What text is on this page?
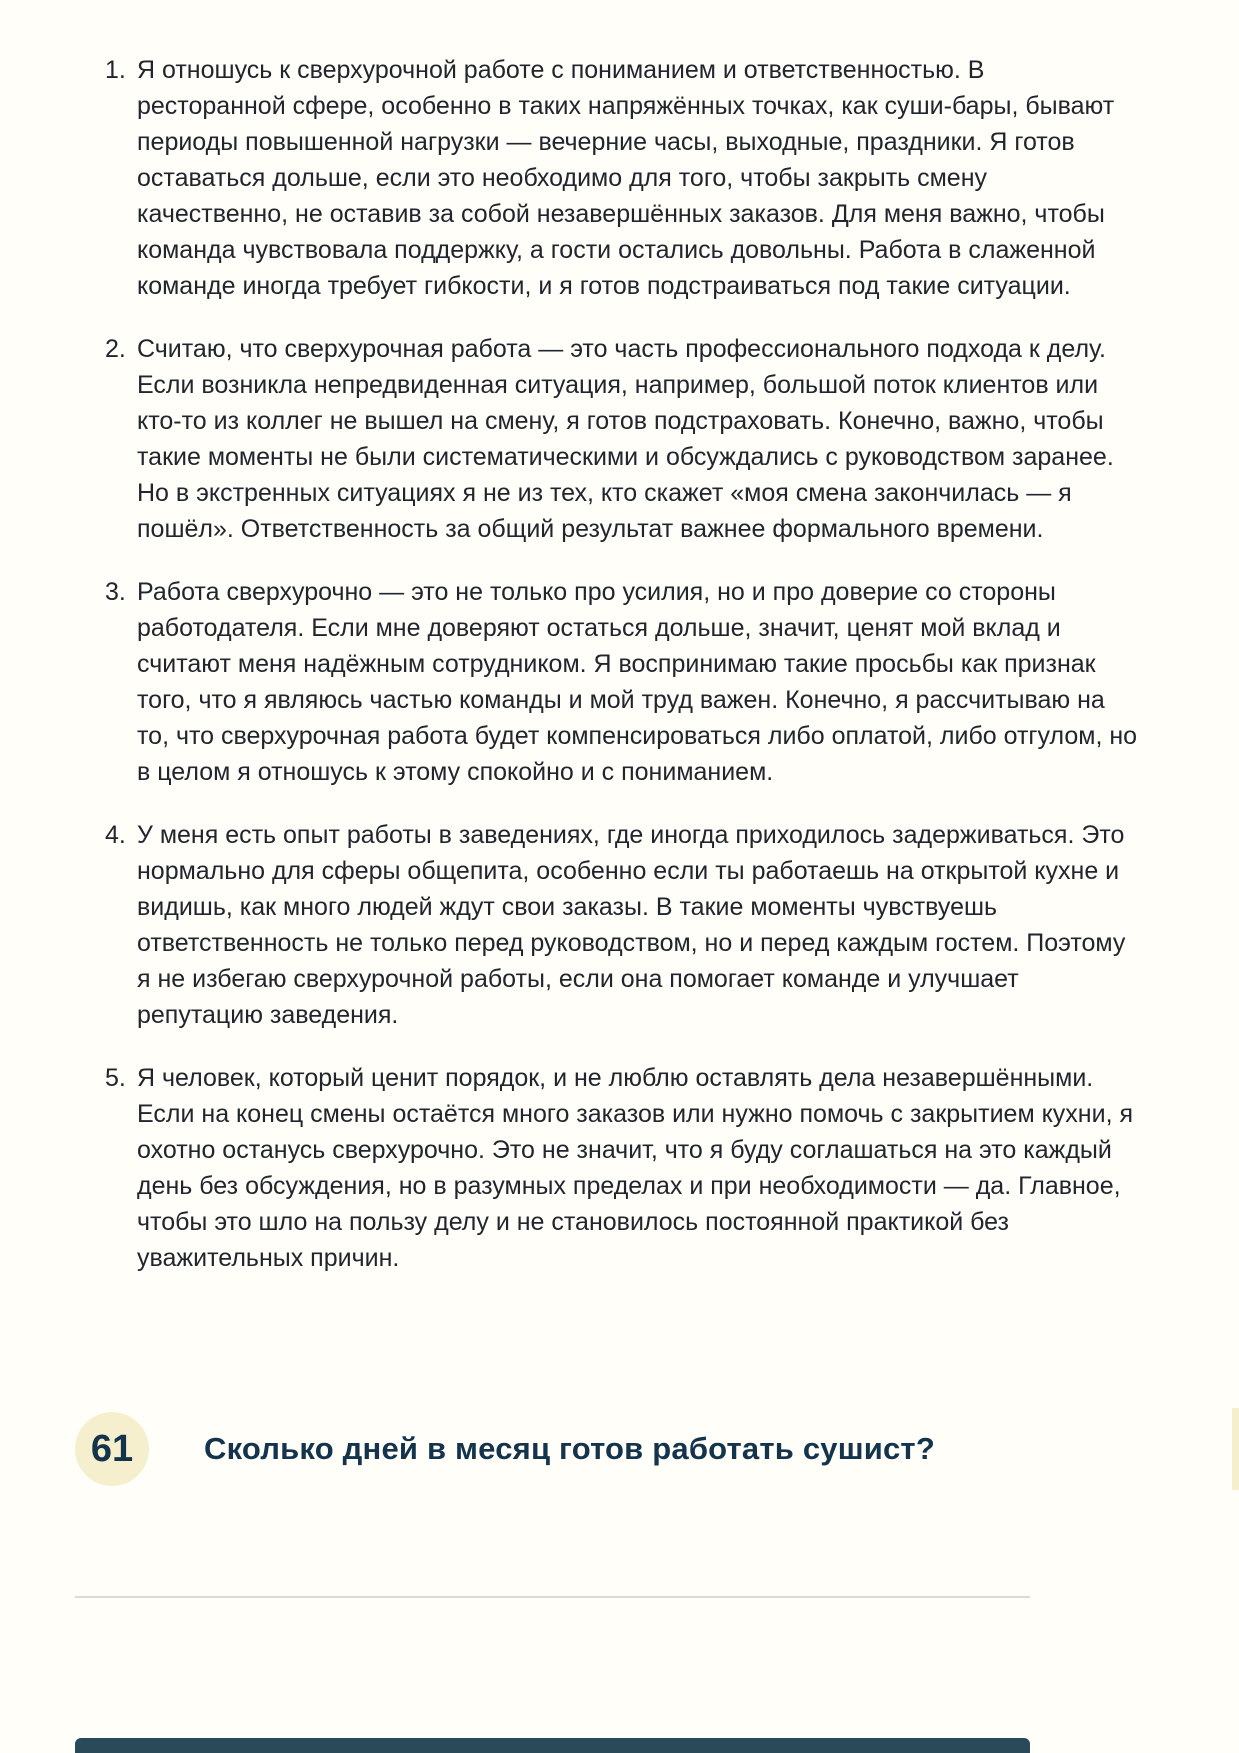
1. Я отношусь к сверхурочной работе с пониманием и ответственностью. В ресторанной сфере, особенно в таких напряжённых точках, как суши-бары, бывают периоды повышенной нагрузки — вечерние часы, выходные, праздники. Я готов оставаться дольше, если это необходимо для того, чтобы закрыть смену качественно, не оставив за собой незавершённых заказов. Для меня важно, чтобы команда чувствовала поддержку, а гости остались довольны. Работа в слаженной команде иногда требует гибкости, и я готов подстраиваться под такие ситуации.
2. Считаю, что сверхурочная работа — это часть профессионального подхода к делу. Если возникла непредвиденная ситуация, например, большой поток клиентов или кто-то из коллег не вышел на смену, я готов подстраховать. Конечно, важно, чтобы такие моменты не были систематическими и обсуждались с руководством заранее. Но в экстренных ситуациях я не из тех, кто скажет «моя смена закончилась — я пошёл». Ответственность за общий результат важнее формального времени.
3. Работа сверхурочно — это не только про усилия, но и про доверие со стороны работодателя. Если мне доверяют остаться дольше, значит, ценят мой вклад и считают меня надёжным сотрудником. Я воспринимаю такие просьбы как признак того, что я являюсь частью команды и мой труд важен. Конечно, я рассчитываю на то, что сверхурочная работа будет компенсироваться либо оплатой, либо отгулом, но в целом я отношусь к этому спокойно и с пониманием.
4. У меня есть опыт работы в заведениях, где иногда приходилось задерживаться. Это нормально для сферы общепита, особенно если ты работаешь на открытой кухне и видишь, как много людей ждут свои заказы. В такие моменты чувствуешь ответственность не только перед руководством, но и перед каждым гостем. Поэтому я не избегаю сверхурочной работы, если она помогает команде и улучшает репутацию заведения.
5. Я человек, который ценит порядок, и не люблю оставлять дела незавершёнными. Если на конец смены остаётся много заказов или нужно помочь с закрытием кухни, я охотно останусь сверхурочно. Это не значит, что я буду соглашаться на это каждый день без обсуждения, но в разумных пределах и при необходимости — да. Главное, чтобы это шло на пользу делу и не становилось постоянной практикой без уважительных причин.
61	Сколько дней в месяц готов работать сушист?
